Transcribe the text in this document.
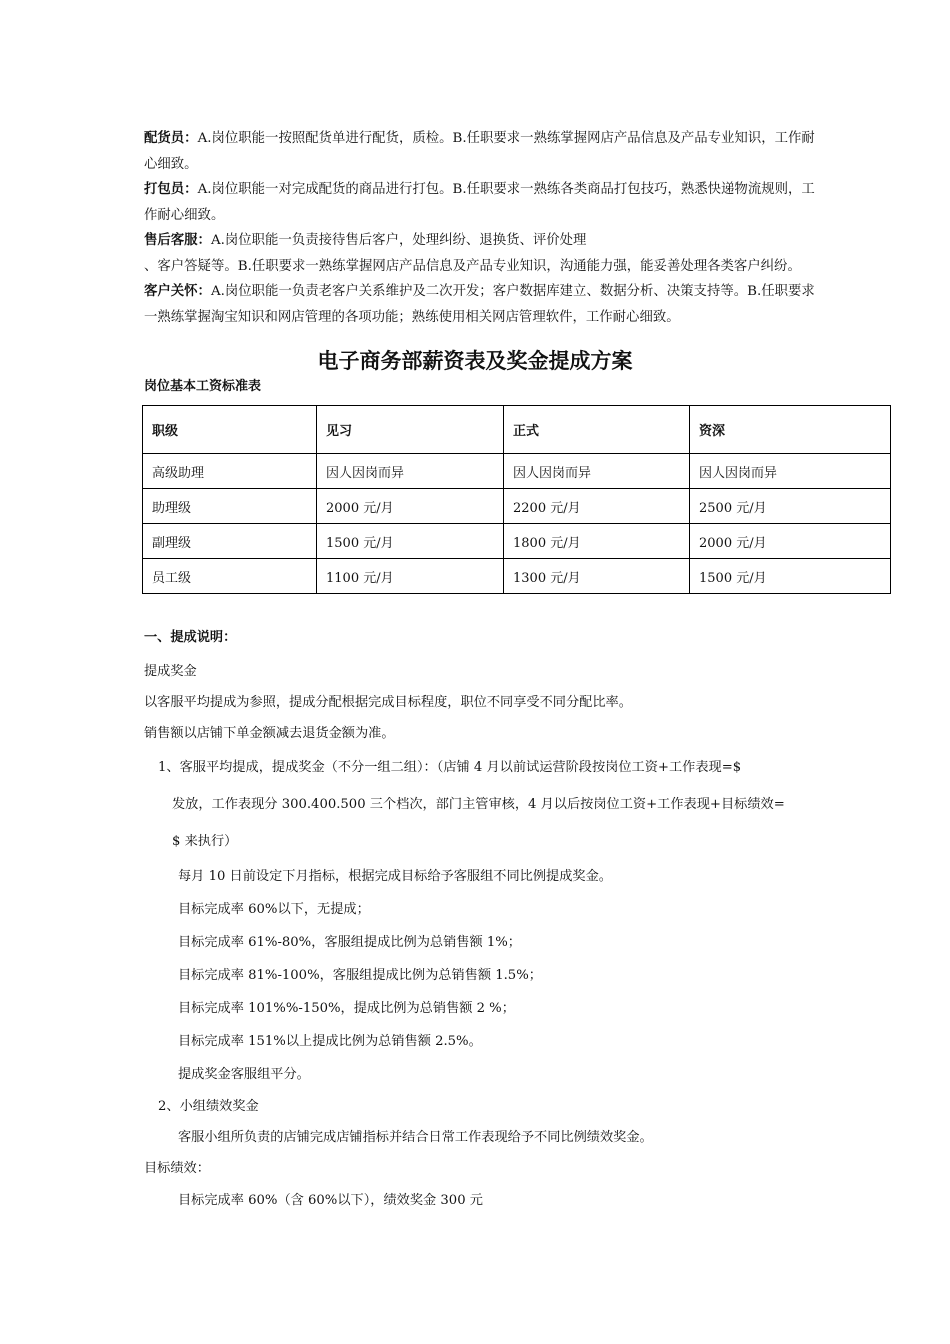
配货员：A.岗位职能一按照配货单进行配货，质检。B.任职要求一熟练掌握网店产品信息及产品专业知识，工作耐心细致。

打包员：A.岗位职能一对完成配货的商品进行打包。B.任职要求一熟练各类商品打包技巧，熟悉快递物流规则，工作耐心细致。

售后客服：A.岗位职能一负责接待售后客户，处理纠纷、退换货、评价处理
、客户答疑等。B.任职要求一熟练掌握网店产品信息及产品专业知识，沟通能力强，能妥善处理各类客户纠纷。

客户关怀：A.岗位职能一负责老客户关系维护及二次开发；客户数据库建立、数据分析、决策支持等。B.任职要求一熟练掌握淘宝知识和网店管理的各项功能；熟练使用相关网店管理软件，工作耐心细致。

电子商务部薪资表及奖金提成方案
岗位基本工资标准表
职级	见习	正式	资深
高级助理	因人因岗而异	因人因岗而异	因人因岗而异
助理级	2000 元/月	2200 元/月	2500 元/月
副理级	1500 元/月	1800 元/月	2000 元/月
员工级	1100 元/月	1300 元/月	1500 元/月

一、提成说明：

提成奖金

以客服平均提成为参照，提成分配根据完成目标程度，职位不同享受不同分配比率。

销售额以店铺下单金额减去退货金额为准。

1、客服平均提成，提成奖金（不分一组二组）：（店铺 4 月以前试运营阶段按岗位工资+工作表现=$

发放，工作表现分 300.400.500 三个档次，部门主管审核，4 月以后按岗位工资+工作表现+目标绩效=

$ 来执行）

每月 10 日前设定下月指标，根据完成目标给予客服组不同比例提成奖金。

目标完成率 60%以下，无提成；

目标完成率 61%-80%，客服组提成比例为总销售额 1%；

目标完成率 81%-100%，客服组提成比例为总销售额 1.5%；

目标完成率 101%%-150%，提成比例为总销售额 2 %；

目标完成率 151%以上提成比例为总销售额 2.5%。

提成奖金客服组平分。

2、小组绩效奖金

客服小组所负责的店铺完成店铺指标并结合日常工作表现给予不同比例绩效奖金。

目标绩效：

目标完成率 60%（含 60%以下），绩效奖金 300 元
